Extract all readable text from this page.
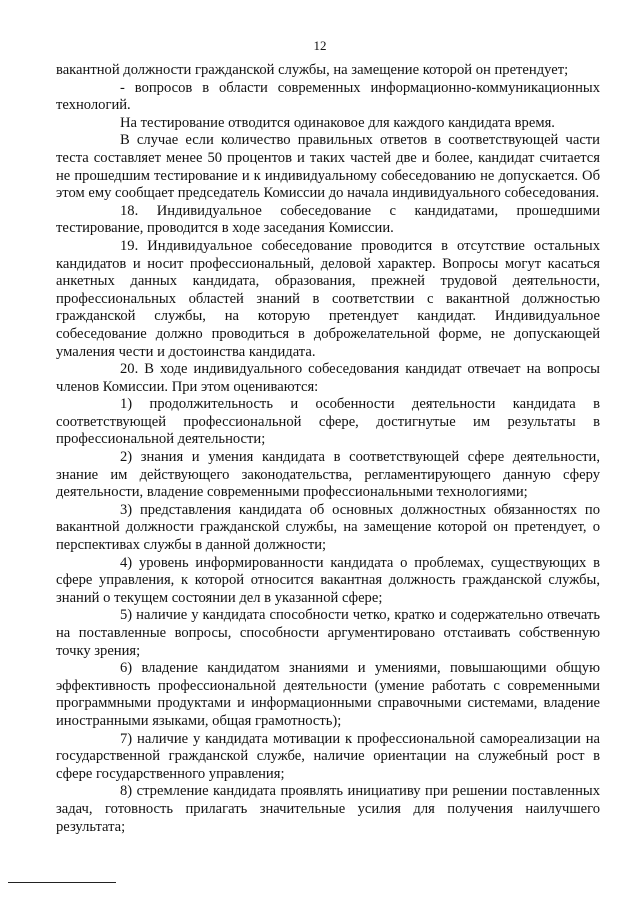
12

вакантной должности гражданской службы, на замещение которой он претендует;

- вопросов в области современных информационно-коммуникационных технологий.

На тестирование отводится одинаковое для каждого кандидата время.

В случае если количество правильных ответов в соответствующей части теста составляет менее 50 процентов и таких частей две и более, кандидат считается не прошедшим тестирование и к индивидуальному собеседованию не допускается. Об этом ему сообщает председатель Комиссии до начала индивидуального собеседования.

18. Индивидуальное собеседование с кандидатами, прошедшими тестирование, проводится в ходе заседания Комиссии.

19. Индивидуальное собеседование проводится в отсутствие остальных кандидатов и носит профессиональный, деловой характер. Вопросы могут касаться анкетных данных кандидата, образования, прежней трудовой деятельности, профессиональных областей знаний в соответствии с вакантной должностью гражданской службы, на которую претендует кандидат. Индивидуальное собеседование должно проводиться в доброжелательной форме, не допускающей умаления чести и достоинства кандидата.

20. В ходе индивидуального собеседования кандидат отвечает на вопросы членов Комиссии. При этом оцениваются:

1) продолжительность и особенности деятельности кандидата в соответствующей профессиональной сфере, достигнутые им результаты в профессиональной деятельности;

2) знания и умения кандидата в соответствующей сфере деятельности, знание им действующего законодательства, регламентирующего данную сферу деятельности, владение современными профессиональными технологиями;

3) представления кандидата об основных должностных обязанностях по вакантной должности гражданской службы, на замещение которой он претендует, о перспективах службы в данной должности;

4) уровень информированности кандидата о проблемах, существующих в сфере управления, к которой относится вакантная должность гражданской службы, знаний о текущем состоянии дел в указанной сфере;

5) наличие у кандидата способности четко, кратко и содержательно отвечать на поставленные вопросы, способности аргументировано отстаивать собственную точку зрения;

6) владение кандидатом знаниями и умениями, повышающими общую эффективность профессиональной деятельности (умение работать с современными программными продуктами и информационными справочными системами, владение иностранными языками, общая грамотность);

7) наличие у кандидата мотивации к профессиональной самореализации на государственной гражданской службе, наличие ориентации на служебный рост в сфере государственного управления;

8) стремление кандидата проявлять инициативу при решении поставленных задач, готовность прилагать значительные усилия для получения наилучшего результата;
